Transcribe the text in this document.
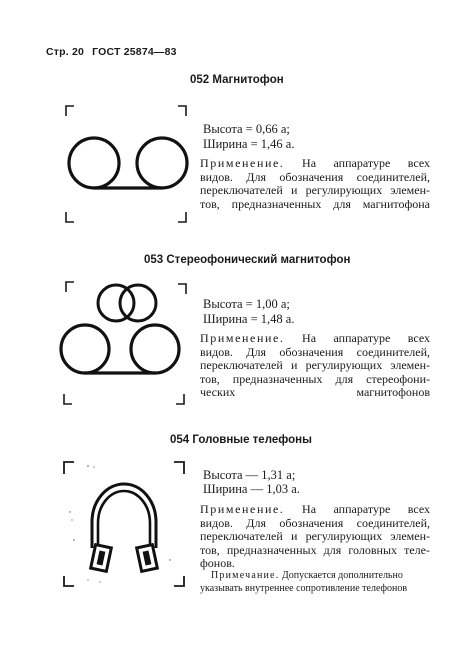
Стр. 20 ГОСТ 25874—83
052 Магнитофон
Высота = 0,66 a;
Ширина = 1,46 a.
Применение. На аппаратуре всех
видов. Для обозначения соединителей,
переключателей и регулирующих элемен-
тов, предназначенных для магнитофона
053 Стереофонический магнитофон
Высота = 1,00 a;
Ширина = 1,48 a.
Применение. На аппаратуре всех
видов. Для обозначения соединителей,
переключателей и регулирующих элемен-
тов, предназначенных для стереофони-
ческих магнитофонов
054 Головные телефоны
Высота — 1,31 a;
Ширина — 1,03 a.
Применение. На аппаратуре всех
видов. Для обозначения соединителей,
переключателей и регулирующих элемен-
тов, предназначенных для головных теле-
фонов.
Примечание. Допускается дополнительно
указывать внутреннее сопротивление телефонов
